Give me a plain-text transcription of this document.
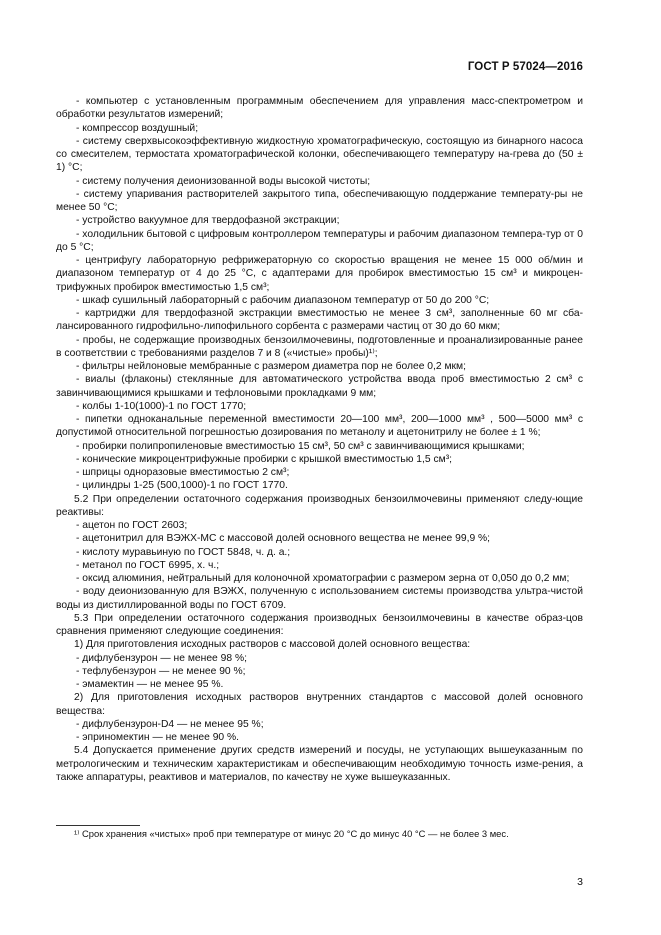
ГОСТ Р 57024—2016

- компьютер с установленным программным обеспечением для управления масс-спектрометром и обработки результатов измерений;

- компрессор воздушный;

- систему сверхвысокоэффективную жидкостную хроматографическую, состоящую из бинарного насоса со смесителем, термостата хроматографической колонки, обеспечивающего температуру на-грева до (50 ± 1) °С;

- систему получения деионизованной воды высокой чистоты;

- систему упаривания растворителей закрытого типа, обеспечивающую поддержание температу-ры не менее 50 °С;

- устройство вакуумное для твердофазной экстракции;

- холодильник бытовой с цифровым контроллером температуры и рабочим диапазоном темпера-тур от 0 до 5 °С;

- центрифугу лабораторную рефрижераторную со скоростью вращения не менее 15 000 об/мин и диапазоном температур от 4 до 25 °С, с адаптерами для пробирок вместимостью 15 см³ и микроцен-трифужных пробирок вместимостью 1,5 см³;

- шкаф сушильный лабораторный с рабочим диапазоном температур от 50 до 200 °С;

- картриджи для твердофазной экстракции вместимостью не менее 3 см³, заполненные 60 мг сба-лансированного гидрофильно-липофильного сорбента с размерами частиц от 30 до 60 мкм;

- пробы, не содержащие производных бензоилмочевины, подготовленные и проанализированные ранее в соответствии с требованиями разделов 7 и 8 («чистые» пробы)¹⁾;

- фильтры нейлоновые мембранные с размером диаметра пор не более 0,2 мкм;

- виалы (флаконы) стеклянные для автоматического устройства ввода проб вместимостью 2 см³ с завинчивающимися крышками и тефлоновыми прокладками 9 мм;

- колбы 1-10(1000)-1 по ГОСТ 1770;

- пипетки одноканальные переменной вместимости 20—100 мм³, 200—1000 мм³ , 500—5000 мм³ с допустимой относительной погрешностью дозирования по метанолу и ацетонитрилу не более ± 1 %;

- пробирки полипропиленовые вместимостью 15 см³, 50 см³ с завинчивающимися крышками;

- конические микроцентрифужные пробирки с крышкой вместимостью 1,5 см³;

- шприцы одноразовые вместимостью 2 см³;

- цилиндры 1-25 (500,1000)-1 по ГОСТ 1770.

5.2 При определении остаточного содержания производных бензоилмочевины применяют следу-ющие реактивы:

- ацетон по ГОСТ 2603;

- ацетонитрил для ВЭЖХ-МС с массовой долей основного вещества не менее 99,9 %;

- кислоту муравьиную по ГОСТ 5848, ч. д. а.;

- метанол по ГОСТ 6995, х. ч.;

- оксид алюминия, нейтральный для колоночной хроматографии с размером зерна от 0,050 до 0,2 мм;

- воду деионизованную для ВЭЖХ, полученную с использованием системы производства ультра-чистой воды из дистиллированной воды по ГОСТ 6709.

5.3 При определении остаточного содержания производных бензоилмочевины в качестве образ-цов сравнения применяют следующие соединения:

1) Для приготовления исходных растворов с массовой долей основного вещества:

- дифлубензурон — не менее 98 %;

- тефлубензурон — не менее 90 %;

- эмамектин — не менее 95 %.

2) Для приготовления исходных растворов внутренних стандартов с массовой долей основного вещества:

- дифлубензурон-D4 — не менее 95 %;

- эприномектин — не менее 90 %.

5.4 Допускается применение других средств измерений и посуды, не уступающих вышеуказанным по метрологическим и техническим характеристикам и обеспечивающим необходимую точность изме-рения, а также аппаратуры, реактивов и материалов, по качеству не хуже вышеуказанных.

¹⁾ Срок хранения «чистых» проб при температуре от минус 20 °С до минус 40 °С — не более 3 мес.
3
